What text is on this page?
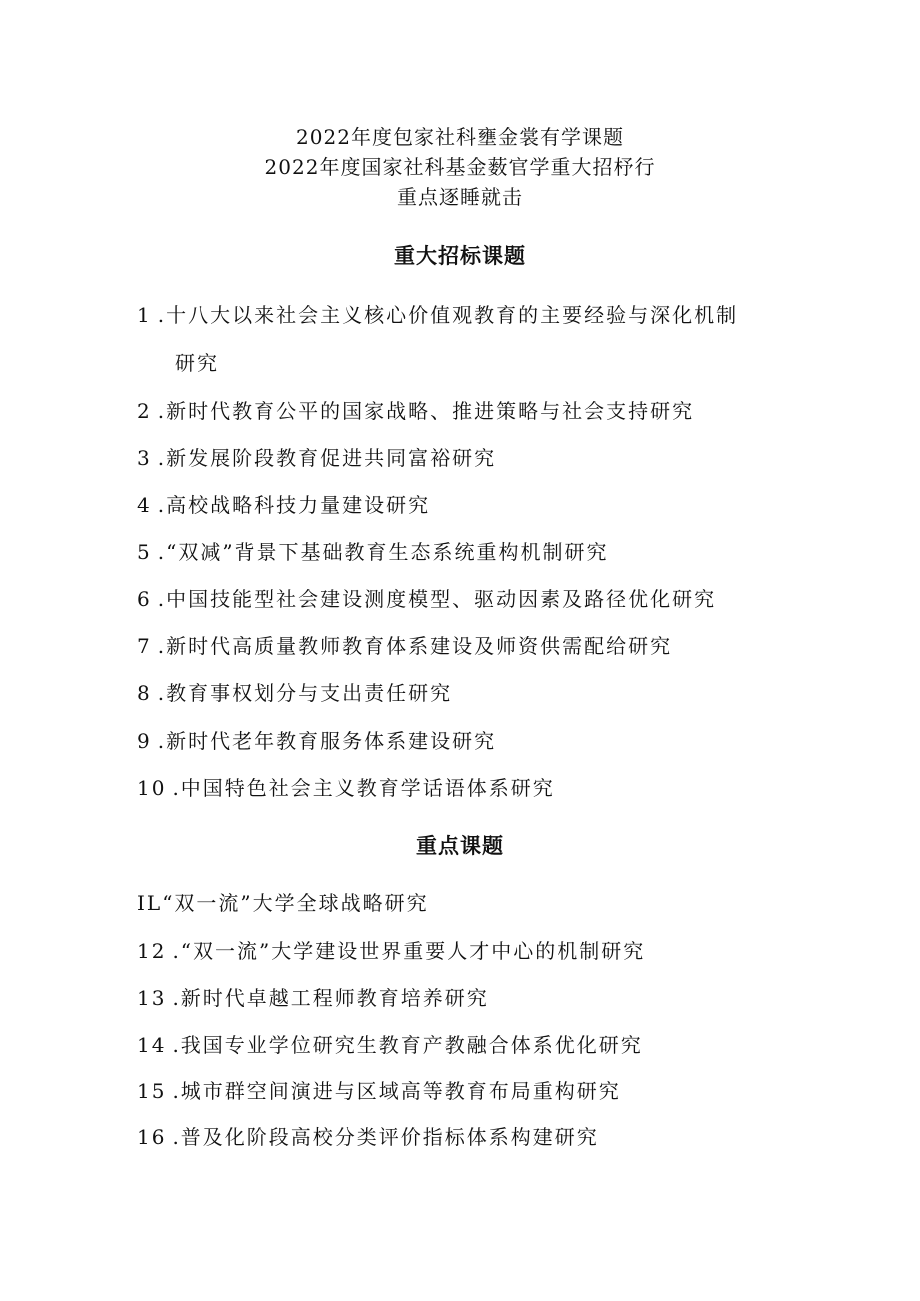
2022年度包家社科壅金裳有学课题
2022年度国家社科基金薮官学重大招杼行
重点逐睡就击
重大招标课题
1 .十八大以来社会主义核心价值观教育的主要经验与深化机制
研究
2 .新时代教育公平的国家战略、推进策略与社会支持研究
3 .新发展阶段教育促进共同富裕研究
4 .高校战略科技力量建设研究
5 .“双减”背景下基础教育生态系统重构机制研究
6 .中国技能型社会建设测度模型、驱动因素及路径优化研究
7 .新时代高质量教师教育体系建设及师资供需配给研究
8 .教育事权划分与支出责任研究
9 .新时代老年教育服务体系建设研究
10 .中国特色社会主义教育学话语体系研究
重点课题
IL“双一流”大学全球战略研究
12 .“双一流”大学建设世界重要人才中心的机制研究
13 .新时代卓越工程师教育培养研究
14 .我国专业学位研究生教育产教融合体系优化研究
15 .城市群空间演进与区域高等教育布局重构研究
16 .普及化阶段高校分类评价指标体系构建研究
